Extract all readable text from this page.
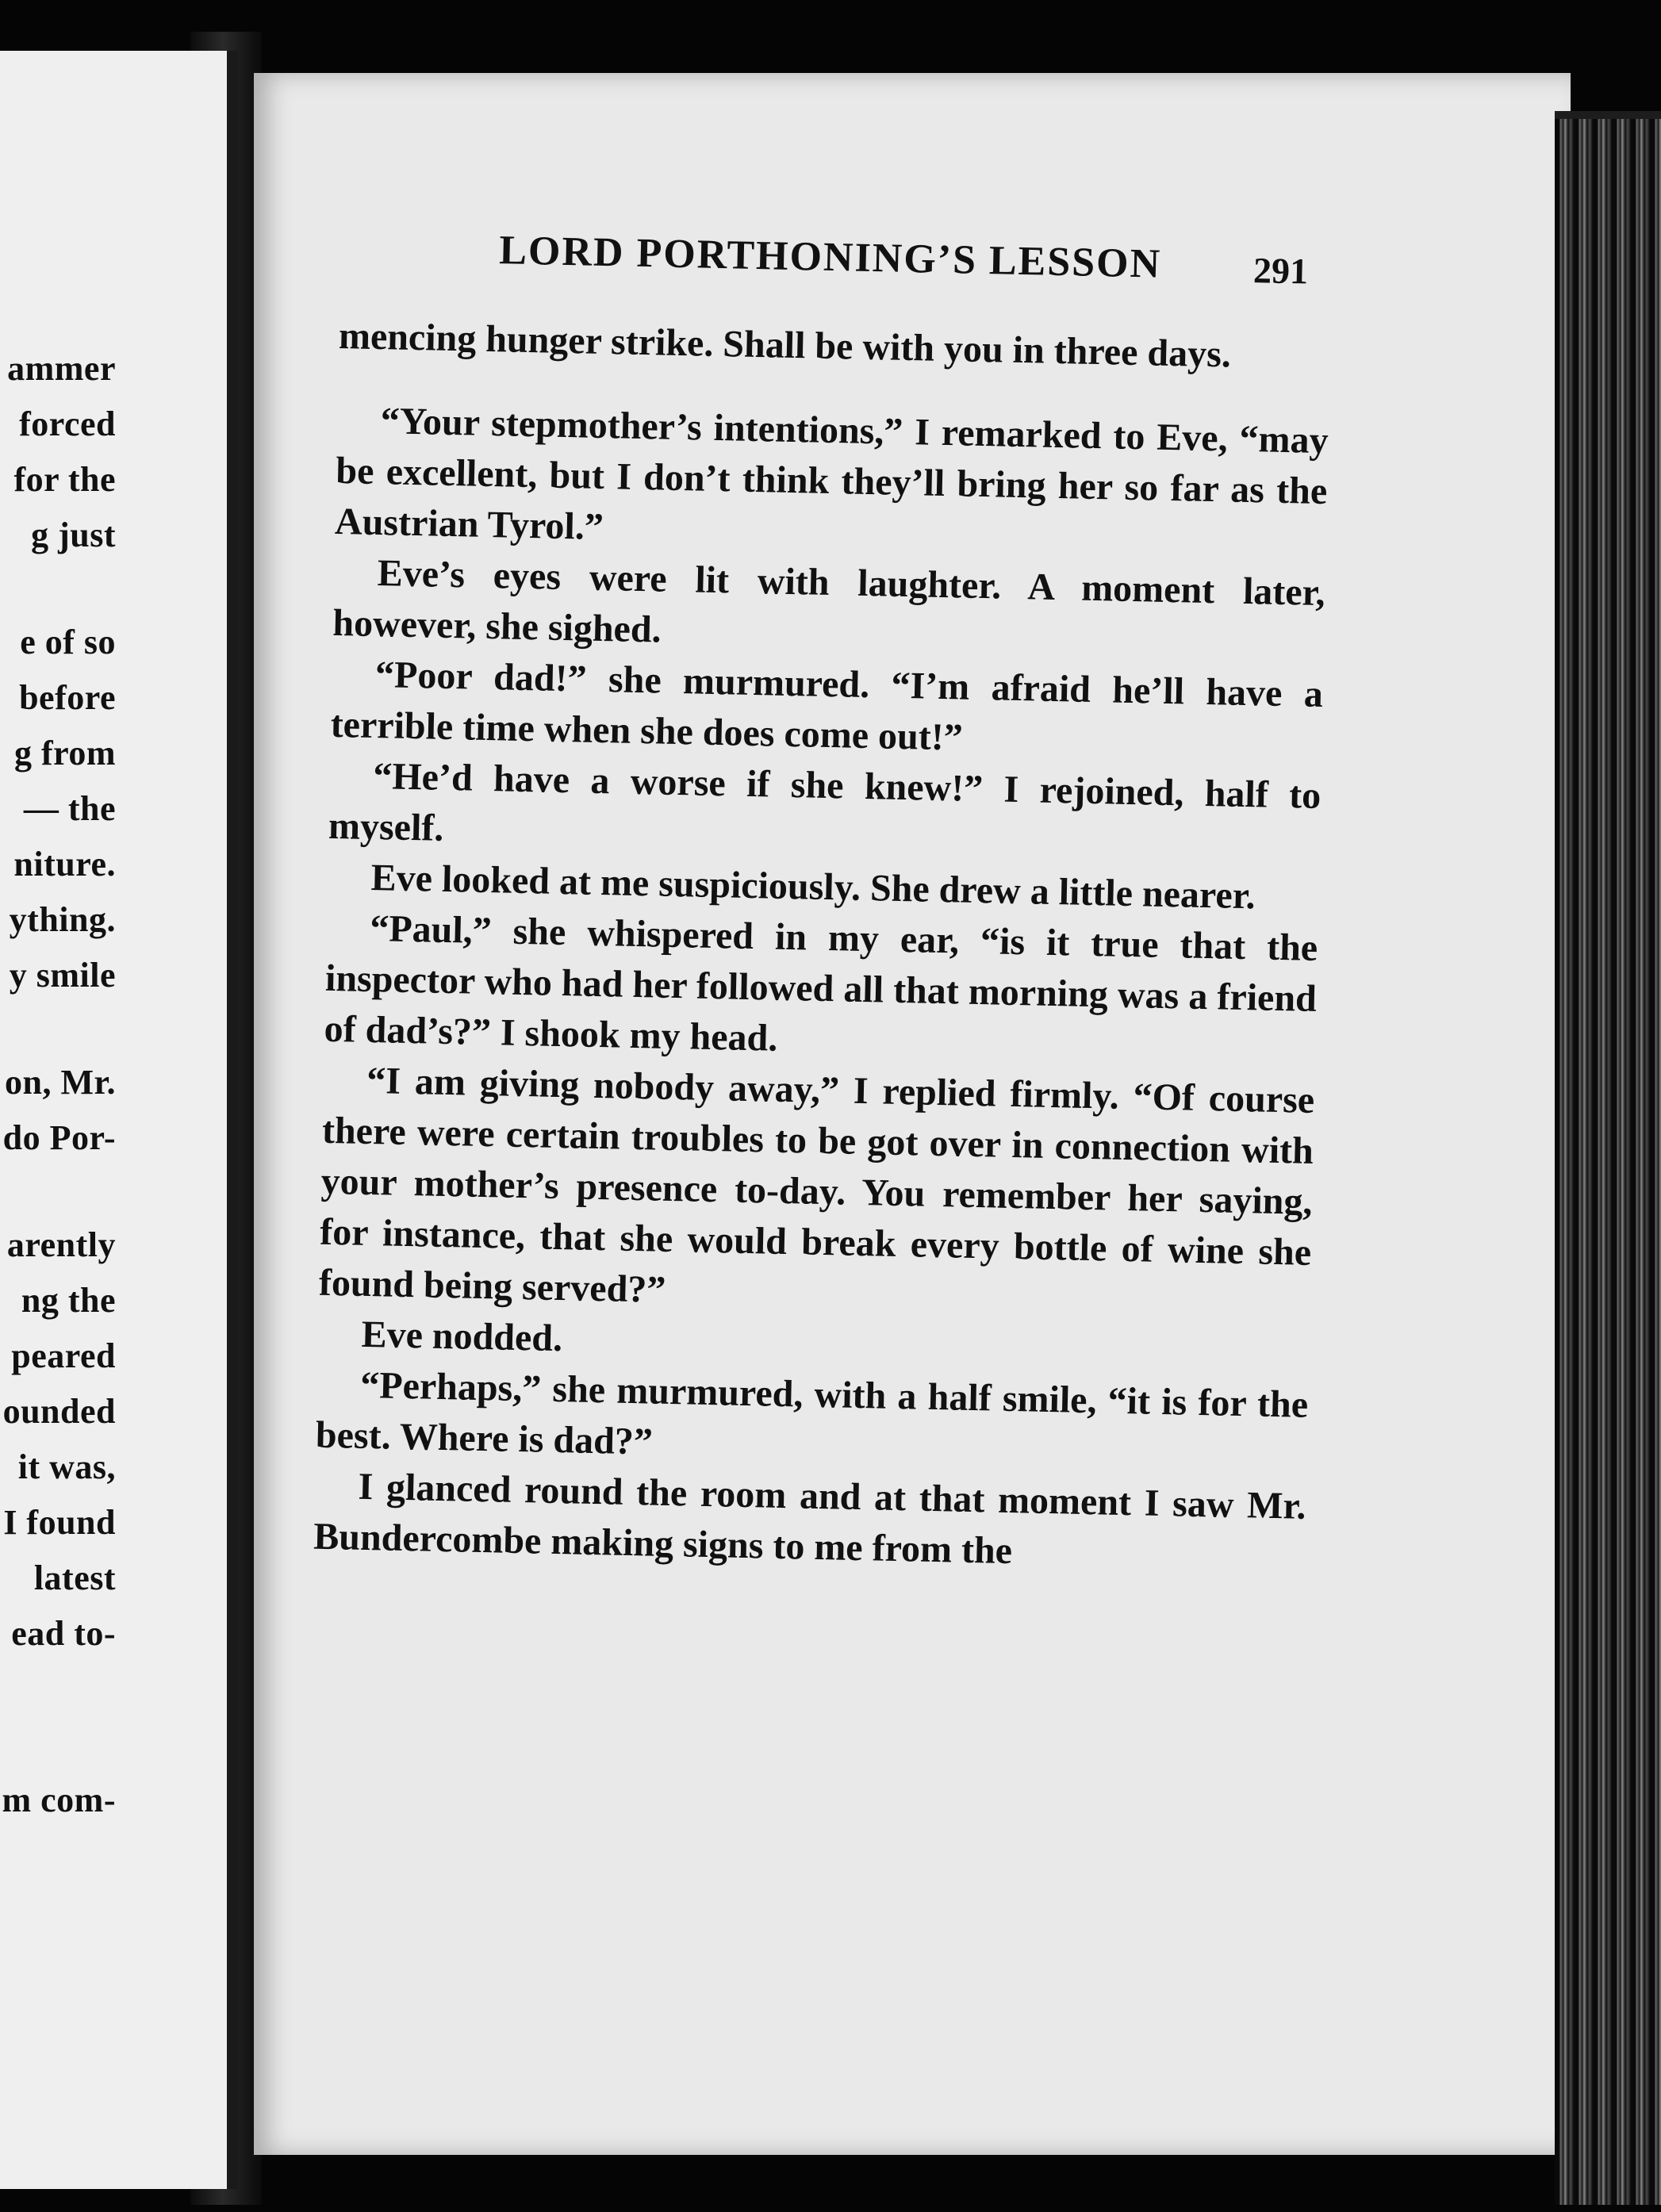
ammer
forced
for the
g just
e of so
before
g from
— the
niture.
ything.
y smile
on, Mr.
do Por-
arently
ng the
peared
ounded
it was,
I found
latest
ead to-
m com-
LORD PORTHONING’S LESSON 291

mencing hunger strike. Shall be with you in three days.

“Your stepmother’s intentions,” I remarked to Eve, “may be excellent, but I don’t think they’ll bring her so far as the Austrian Tyrol.”

Eve’s eyes were lit with laughter. A moment later, however, she sighed.

“Poor dad!” she murmured. “I’m afraid he’ll have a terrible time when she does come out!”

“He’d have a worse if she knew!” I rejoined, half to myself.

Eve looked at me suspiciously. She drew a little nearer.

“Paul,” she whispered in my ear, “is it true that the inspector who had her followed all that morning was a friend of dad’s?” I shook my head.

“I am giving nobody away,” I replied firmly. “Of course there were certain troubles to be got over in connection with your mother’s presence to-day. You remember her saying, for instance, that she would break every bottle of wine she found being served?”

Eve nodded.

“Perhaps,” she murmured, with a half smile, “it is for the best. Where is dad?”

I glanced round the room and at that moment I saw Mr. Bundercombe making signs to me from the
